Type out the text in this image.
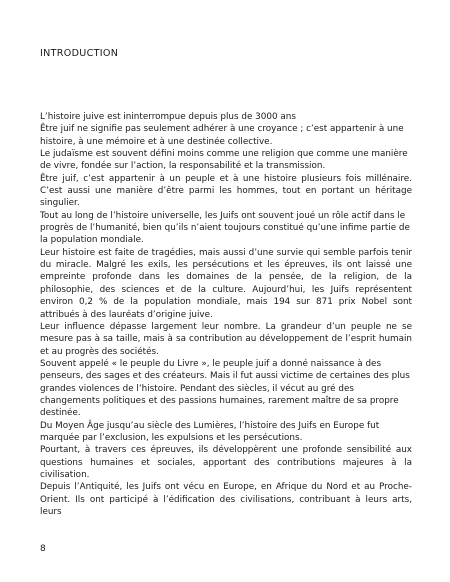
INTRODUCTION

L’histoire juive est ininterrompue depuis plus de 3000 ans

Être juif ne signifie pas seulement adhérer à une croyance ; c’est appartenir à une histoire, à une mémoire et à une destinée collective.

Le judaïsme est souvent défini moins comme une religion que comme une manière de vivre, fondée sur l’action, la responsabilité et la transmission.

Être juif, c’est appartenir à un peuple et à une histoire plusieurs fois millénaire. C’est aussi une manière d’être parmi les hommes, tout en portant un héritage singulier.

Tout au long de l’histoire universelle, les Juifs ont souvent joué un rôle actif dans le progrès de l’humanité, bien qu’ils n’aient toujours constitué qu’une infime partie de la population mondiale.

Leur histoire est faite de tragédies, mais aussi d’une survie qui semble parfois tenir du miracle. Malgré les exils, les persécutions et les épreuves, ils ont laissé une empreinte profonde dans les domaines de la pensée, de la religion, de la philosophie, des sciences et de la culture. Aujourd’hui, les Juifs représentent environ 0,2 % de la population mondiale, mais 194 sur 871 prix Nobel sont attribués à des lauréats d’origine juive.

Leur influence dépasse largement leur nombre. La grandeur d’un peuple ne se mesure pas à sa taille, mais à sa contribution au développement de l’esprit humain et au progrès des sociétés.

Souvent appelé « le peuple du Livre », le peuple juif a donné naissance à des penseurs, des sages et des créateurs. Mais il fut aussi victime de certaines des plus grandes violences de l’histoire. Pendant des siècles, il vécut au gré des changements politiques et des passions humaines, rarement maître de sa propre destinée.

Du Moyen Âge jusqu’au siècle des Lumières, l’histoire des Juifs en Europe fut marquée par l’exclusion, les expulsions et les persécutions.

Pourtant, à travers ces épreuves, ils développèrent une profonde sensibilité aux questions humaines et sociales, apportant des contributions majeures à la civilisation.

Depuis l’Antiquité, les Juifs ont vécu en Europe, en Afrique du Nord et au Proche-Orient. Ils ont participé à l’édification des civilisations, contribuant à leurs arts, leurs

8
